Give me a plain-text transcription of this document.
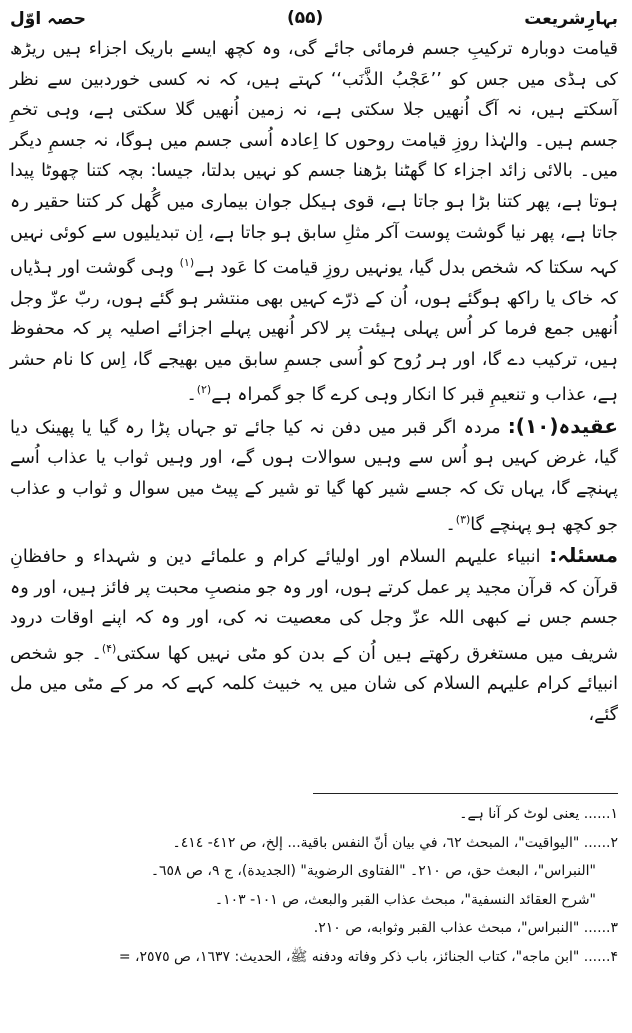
بہارِشریعت
(۵۵)
حصہ اوّل

قیامت دوبارہ ترکیبِ جسم فرمائی جائے گی، وہ کچھ ایسے باریک اجزاء ہیں ریڑھ کی ہڈی میں جس کو ’’عَجْبُ الذَّنَب‘‘ کہتے ہیں، کہ نہ کسی خوردبین سے نظر آسکتے ہیں، نہ آگ اُنھیں جلا سکتی ہے، نہ زمین اُنھیں گلا سکتی ہے، وہی تخمِ جسم ہیں۔ والہٰذا روزِ قیامت روحوں کا اِعادہ اُسی جسم میں ہوگا، نہ جسمِ دیگر میں۔ بالائی زائد اجزاء کا گھٹنا بڑھنا جسم کو نہیں بدلتا، جیسا: بچہ کتنا چھوٹا پیدا ہوتا ہے، پھر کتنا بڑا ہو جاتا ہے، قوی ہیکل جوان بیماری میں گُھل کر کتنا حقیر رہ جاتا ہے، پھر نیا گوشت پوست آکر مثلِ سابق ہو جاتا ہے، اِن تبدیلیوں سے کوئی نہیں کہہ سکتا کہ شخص بدل گیا، یونہیں روزِ قیامت کا عَود ہے$^{(۱)}$ وہی گوشت اور ہڈیاں کہ خاک یا راکھ ہوگئے ہوں، اُن کے ذرّے کہیں بھی منتشر ہو گئے ہوں، ربّ عزّ وجل اُنھیں جمع فرما کر اُس پہلی ہیئت پر لاکر اُنھیں پہلے اجزائے اصلیہ پر کہ محفوظ ہیں، ترکیب دے گا، اور ہر رُوح کو اُسی جسمِ سابق میں بھیجے گا، اِس کا نام حشر ہے، عذاب و تنعیمِ قبر کا انکار وہی کرے گا جو گمراہ ہے$^{(۲)}$۔

عقیدہ(۱۰): مردہ اگر قبر میں دفن نہ کیا جائے تو جہاں پڑا رہ گیا یا پھینک دیا گیا، غرض کہیں ہو اُس سے وہیں سوالات ہوں گے، اور وہیں ثواب یا عذاب اُسے پہنچے گا، یہاں تک کہ جسے شیر کھا گیا تو شیر کے پیٹ میں سوال و ثواب و عذاب جو کچھ ہو پہنچے گا$^{(۳)}$۔

مسئلہ: انبیاء علیہم السلام اور اولیائے کرام و علمائے دین و شہداء و حافظانِ قرآن کہ قرآن مجید پر عمل کرتے ہوں، اور وہ جو منصبِ محبت پر فائز ہیں، اور وہ جسم جس نے کبھی اللہ عزّ وجل کی معصیت نہ کی، اور وہ کہ اپنے اوقات درود شریف میں مستغرق رکھتے ہیں اُن کے بدن کو مٹی نہیں کھا سکتی$^{(۴)}$۔ جو شخص انبیائے کرام علیہم السلام کی شان میں یہ خبیث کلمہ کہے کہ مر کے مٹی میں مل گئے،

۱...... یعنی لوٹ کر آنا ہے۔

۲...... "اليواقيت"، المبحث ٦٢، في بيان أنّ النفس باقية... إلخ، ص ٤١٢- ٤١٤۔

"النبراس"، البعث حق، ص ٢١٠۔ "الفتاوى الرضوية" (الجديدة)، ج ٩، ص ٦٥٨۔

"شرح العقائد النسفية"، مبحث عذاب القبر والبعث، ص ١٠١- ١٠٣۔

۳...... "النبراس"، مبحث عذاب القبر وثوابه، ص ٢١٠.

۴...... "ابن ماجه"، كتاب الجنائز، باب ذكر وفاته ودفنه ﷺ، الحديث: ١٦٣٧، ص ٢٥٧٥، =
